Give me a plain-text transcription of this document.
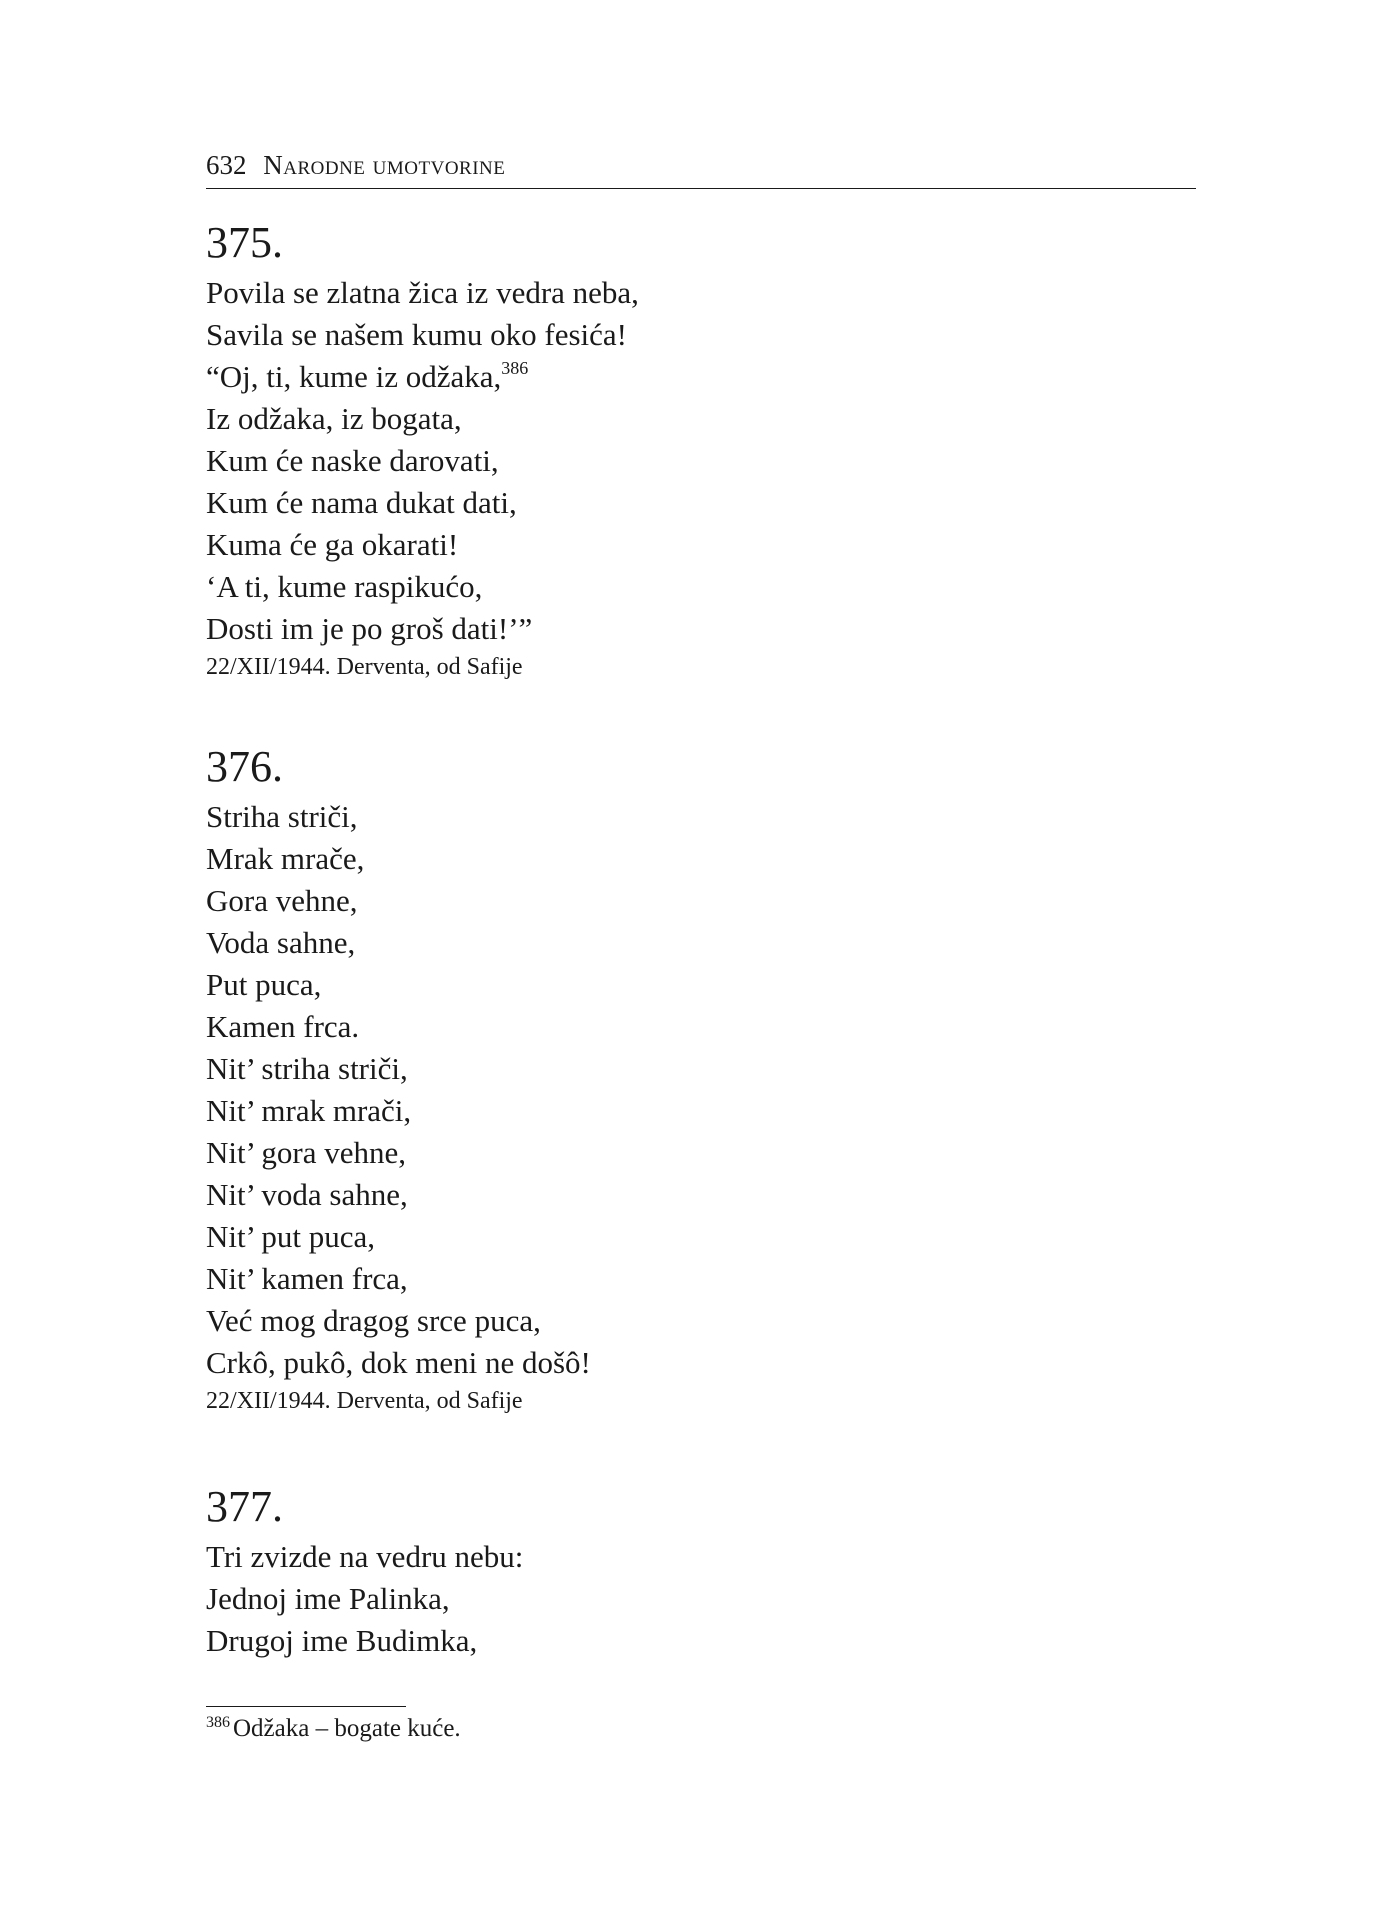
632 Narodne umotvorine
375.
Povila se zlatna žica iz vedra neba,
Savila se našem kumu oko fesića!
“Oj, ti, kume iz odžaka,$^{386}$
Iz odžaka, iz bogata,
Kum će naske darovati,
Kum će nama dukat dati,
Kuma će ga okarati!
‘A ti, kume raspikućo,
Dosti im je po groš dati!’”
22/XII/1944. Derventa, od Safije
376.
Striha striči,
Mrak mrače,
Gora vehne,
Voda sahne,
Put puca,
Kamen frca.
Nit’ striha striči,
Nit’ mrak mrači,
Nit’ gora vehne,
Nit’ voda sahne,
Nit’ put puca,
Nit’ kamen frca,
Već mog dragog srce puca,
Crkô, pukô, dok meni ne došô!
22/XII/1944. Derventa, od Safije
377.
Tri zvizde na vedru nebu:
Jednoj ime Palinka,
Drugoj ime Budimka,
$^{386}$ Odžaka – bogate kuće.
